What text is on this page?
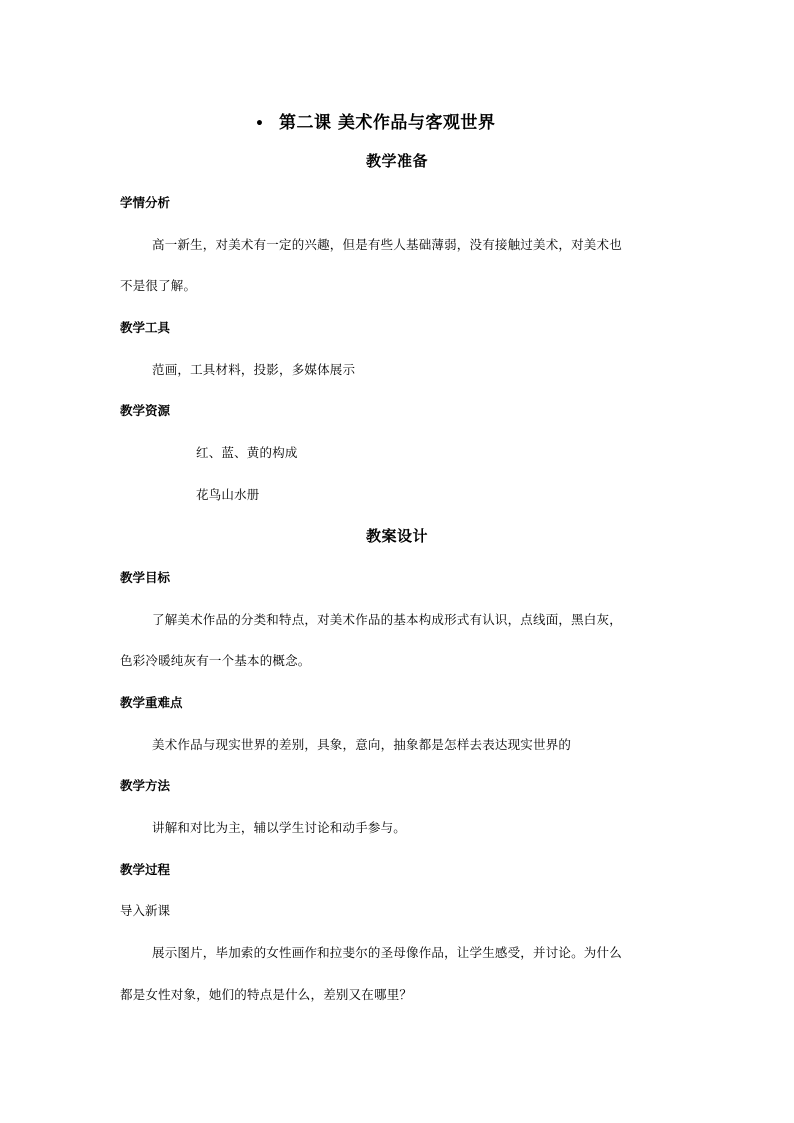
• 第二课 美术作品与客观世界
教学准备
学情分析
高一新生，对美术有一定的兴趣，但是有些人基础薄弱，没有接触过美术，对美术也
不是很了解。
教学工具
范画，工具材料，投影，多媒体展示
教学资源
红、蓝、黄的构成
花鸟山水册
教案设计
教学目标
了解美术作品的分类和特点，对美术作品的基本构成形式有认识，点线面，黑白灰，
色彩冷暖纯灰有一个基本的概念。
教学重难点
美术作品与现实世界的差别，具象，意向，抽象都是怎样去表达现实世界的
教学方法
讲解和对比为主，辅以学生讨论和动手参与。
教学过程
导入新课
展示图片，毕加索的女性画作和拉斐尔的圣母像作品，让学生感受，并讨论。为什么
都是女性对象，她们的特点是什么，差别又在哪里？
